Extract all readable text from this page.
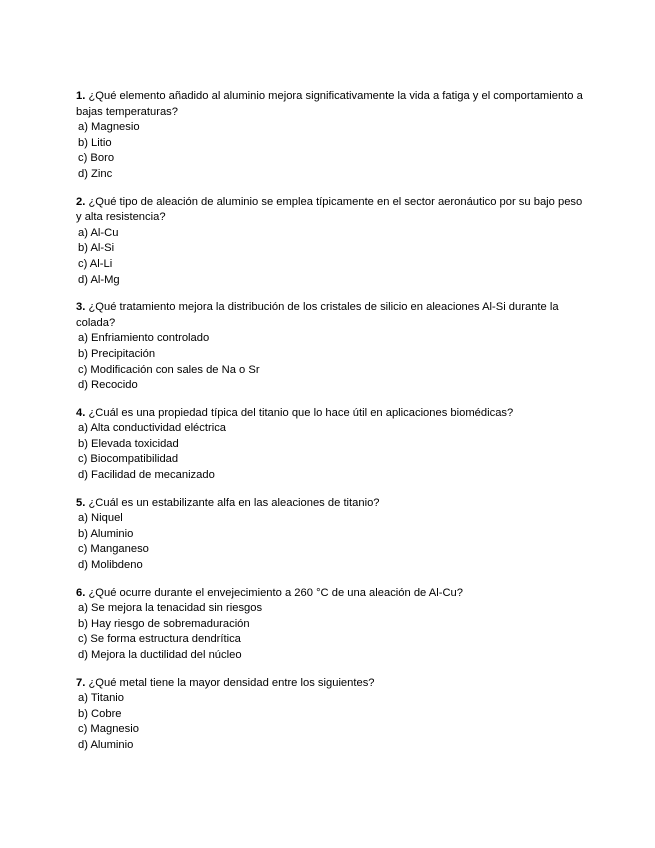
1. ¿Qué elemento añadido al aluminio mejora significativamente la vida a fatiga y el comportamiento a bajas temperaturas?

a) Magnesio
b) Litio
c) Boro
d) Zinc

2. ¿Qué tipo de aleación de aluminio se emplea típicamente en el sector aeronáutico por su bajo peso y alta resistencia?

a) Al-Cu
b) Al-Si
c) Al-Li
d) Al-Mg

3. ¿Qué tratamiento mejora la distribución de los cristales de silicio en aleaciones Al-Si durante la colada?

a) Enfriamiento controlado
b) Precipitación
c) Modificación con sales de Na o Sr
d) Recocido

4. ¿Cuál es una propiedad típica del titanio que lo hace útil en aplicaciones biomédicas?

a) Alta conductividad eléctrica
b) Elevada toxicidad
c) Biocompatibilidad
d) Facilidad de mecanizado

5. ¿Cuál es un estabilizante alfa en las aleaciones de titanio?

a) Niquel
b) Aluminio
c) Manganeso
d) Molibdeno

6. ¿Qué ocurre durante el envejecimiento a 260 °C de una aleación de Al-Cu?

a) Se mejora la tenacidad sin riesgos
b) Hay riesgo de sobremaduración
c) Se forma estructura dendrítica
d) Mejora la ductilidad del núcleo

7. ¿Qué metal tiene la mayor densidad entre los siguientes?

a) Titanio
b) Cobre
c) Magnesio
d) Aluminio
